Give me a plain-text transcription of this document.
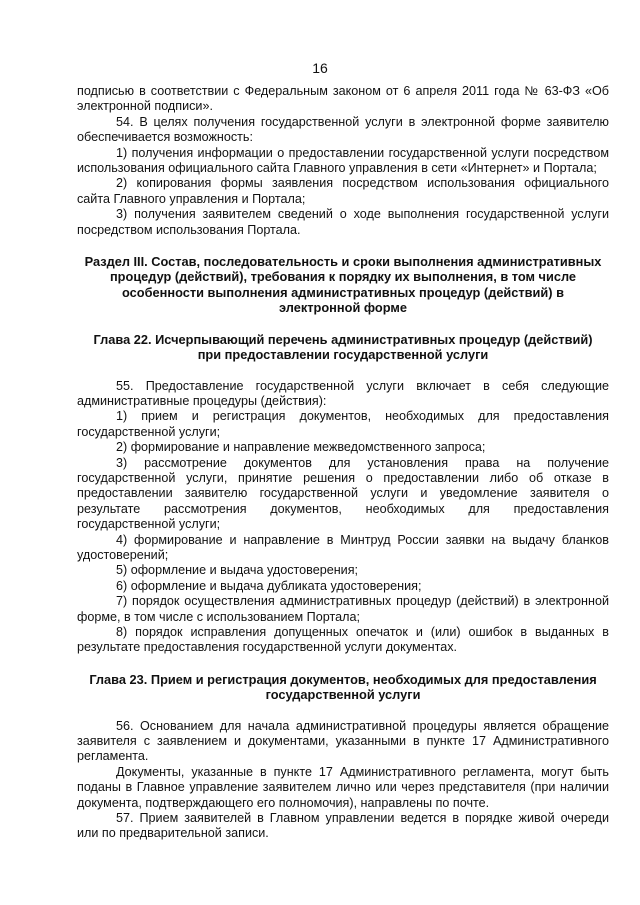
16

подписью в соответствии с Федеральным законом от 6 апреля 2011 года № 63-ФЗ «Об электронной подписи».

54. В целях получения государственной услуги в электронной форме заявителю обеспечивается возможность:

1) получения информации о предоставлении государственной услуги посредством использования официального сайта Главного управления в сети «Интернет» и Портала;

2) копирования формы заявления посредством использования официального сайта Главного управления и Портала;

3) получения заявителем сведений о ходе выполнения государственной услуги посредством использования Портала.

Раздел III. Состав, последовательность и сроки выполнения административных процедур (действий), требования к порядку их выполнения, в том числе особенности выполнения административных процедур (действий) в электронной форме

Глава 22. Исчерпывающий перечень административных процедур (действий) при предоставлении государственной услуги

55. Предоставление государственной услуги включает в себя следующие административные процедуры (действия):

1) прием и регистрация документов, необходимых для предоставления государственной услуги;

2) формирование и направление межведомственного запроса;

3) рассмотрение документов для установления права на получение государственной услуги, принятие решения о предоставлении либо об отказе в предоставлении заявителю государственной услуги и уведомление заявителя о результате рассмотрения документов, необходимых для предоставления государственной услуги;

4) формирование и направление в Минтруд России заявки на выдачу бланков удостоверений;

5) оформление и выдача удостоверения;

6) оформление и выдача дубликата удостоверения;

7) порядок осуществления административных процедур (действий) в электронной форме, в том числе с использованием Портала;

8) порядок исправления допущенных опечаток и (или) ошибок в выданных в результате предоставления государственной услуги документах.

Глава 23. Прием и регистрация документов, необходимых для предоставления государственной услуги

56. Основанием для начала административной процедуры является обращение заявителя с заявлением и документами, указанными в пункте 17 Административного регламента.

Документы, указанные в пункте 17 Административного регламента, могут быть поданы в Главное управление заявителем лично или через представителя (при наличии документа, подтверждающего его полномочия), направлены по почте.

57. Прием заявителей в Главном управлении ведется в порядке живой очереди или по предварительной записи.
